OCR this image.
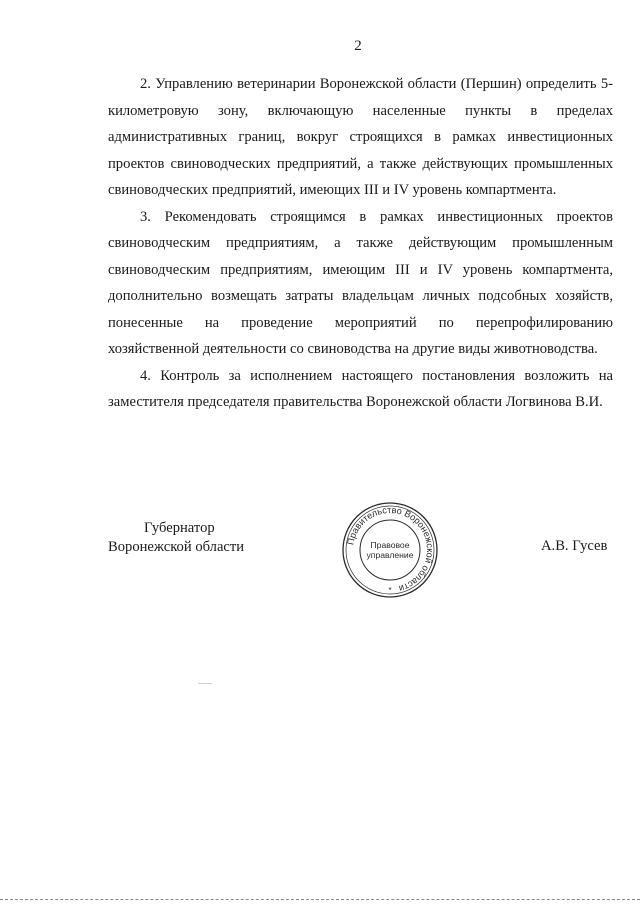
2

2. Управлению ветеринарии Воронежской области (Першин) определить 5-километровую зону, включающую населенные пункты в пределах административных границ, вокруг строящихся в рамках инвестиционных проектов свиноводческих предприятий, а также действующих промышленных свиноводческих предприятий, имеющих III и IV уровень компартмента.

3. Рекомендовать строящимся в рамках инвестиционных проектов свиноводческим предприятиям, а также действующим промышленным свиноводческим предприятиям, имеющим III и IV уровень компартмента, дополнительно возмещать затраты владельцам личных подсобных хозяйств, понесенные на проведение мероприятий по перепрофилированию хозяйственной деятельности со свиноводства на другие виды животноводства.

4. Контроль за исполнением настоящего постановления возложить на заместителя председателя правительства Воронежской области Логвинова В.И.

Губернатор
Воронежской области	Правительство Воронежской области
Правовое
управление
*
А.В. Гусев
